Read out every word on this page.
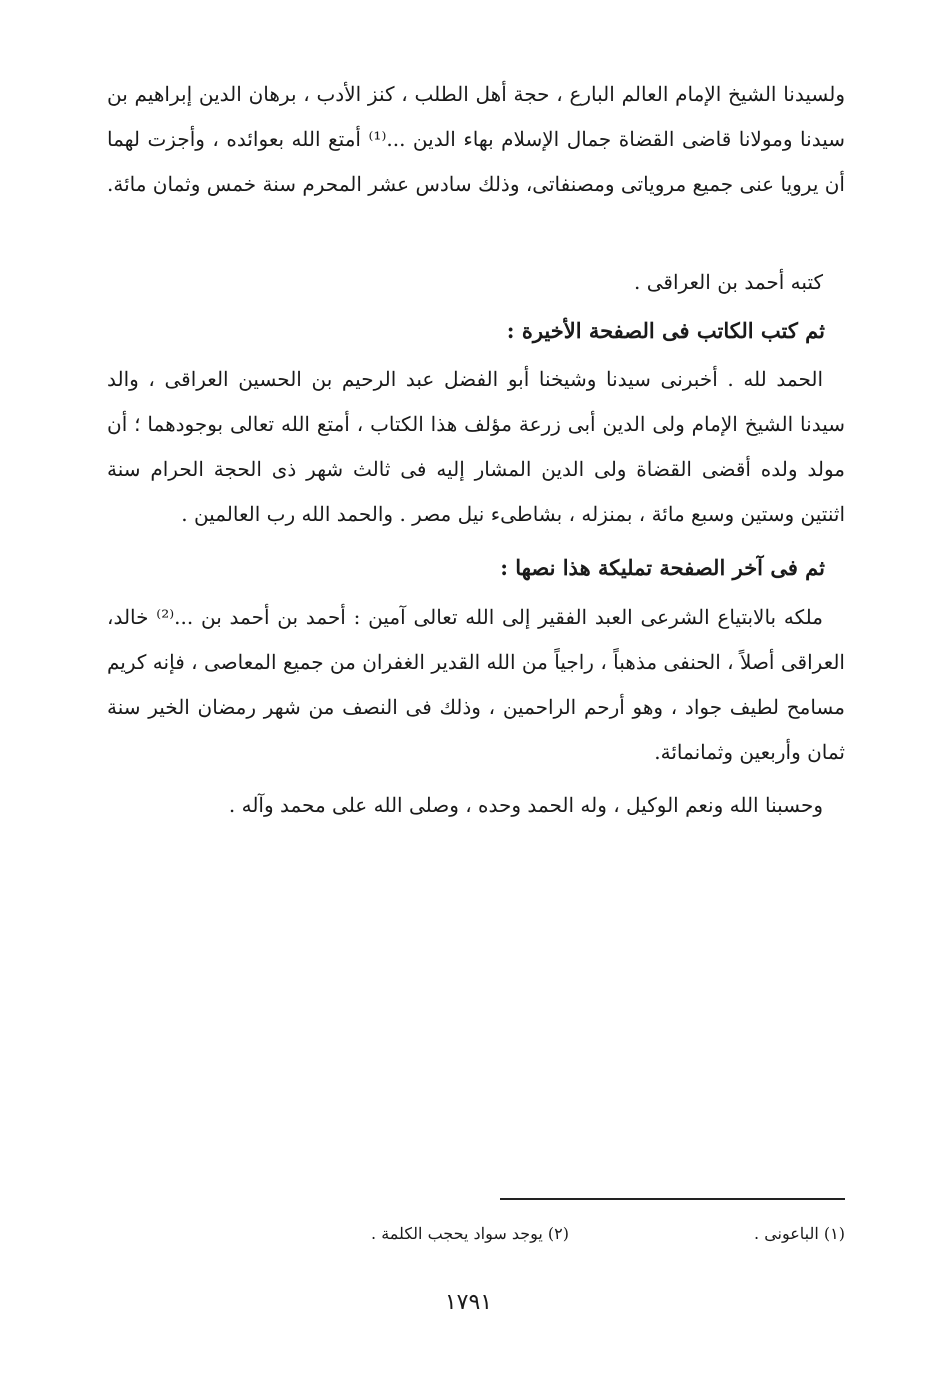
ولسيدنا الشيخ الإمام العالم البارع ، حجة أهل الطلب ، كنز الأدب ، برهان الدين إبراهيم بن سيدنا ومولانا قاضى القضاة جمال الإسلام بهاء الدين ...⁽¹⁾ أمتع الله بعوائده ، وأجزت لهما أن يرويا عنى جميع مروياتى ومصنفاتى، وذلك سادس عشر المحرم سنة خمس وثمان مائة.

كتبه أحمد بن العراقى .

ثم كتب الكاتب فى الصفحة الأخيرة :

الحمد لله . أخبرنى سيدنا وشيخنا أبو الفضل عبد الرحيم بن الحسين العراقى ، والد سيدنا الشيخ الإمام ولى الدين أبى زرعة مؤلف هذا الكتاب ، أمتع الله تعالى بوجودهما ؛ أن مولد ولده أقضى القضاة ولى الدين المشار إليه فى ثالث شهر ذى الحجة الحرام سنة اثنتين وستين وسبع مائة ، بمنزله ، بشاطىء نيل مصر . والحمد الله رب العالمين .

ثم فى آخر الصفحة تمليكة هذا نصها :

ملكه بالابتياع الشرعى العبد الفقير إلى الله تعالى آمين : أحمد بن أحمد بن ...⁽²⁾ خالد، العراقى أصلاً ، الحنفى مذهباً ، راجياً من الله القدير الغفران من جميع المعاصى ، فإنه كريم مسامح لطيف جواد ، وهو أرحم الراحمين ، وذلك فى النصف من شهر رمضان الخير سنة ثمان وأربعين وثمانمائة.

وحسبنا الله ونعم الوكيل ، وله الحمد وحده ، وصلى الله على محمد وآله .

(١) الباعونى .
(٢) يوجد سواد يحجب الكلمة .
١٧٩١
